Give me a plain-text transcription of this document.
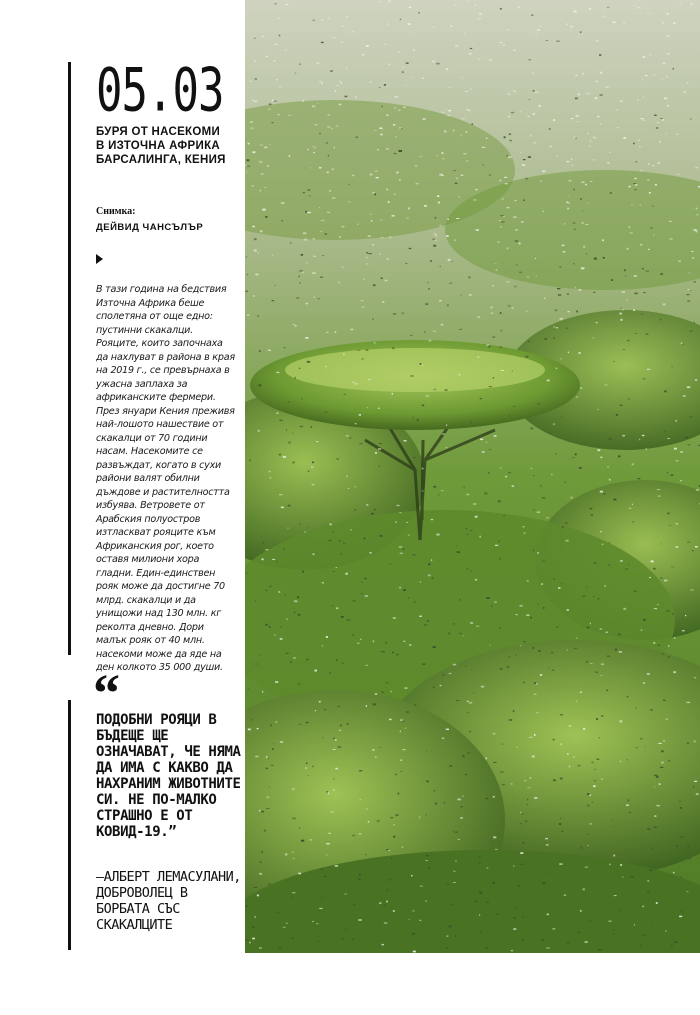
05.03
БУРЯ ОТ НАСЕКОМИ
В ИЗТОЧНА АФРИКА
БАРСАЛИНГА, КЕНИЯ
Снимка:
ДЕЙВИД ЧАНСЪЛЪР
В тази година на бедствия Източна Африка беше сполетяна от още едно: пустинни скакалци. Рояците, които започнаха да нахлуват в района в края на 2019 г., се превърнаха в ужасна заплаха за африканските фермери. През януари Кения преживя най-лошото нашествие от скакалци от 70 години насам. Насекомите се развъждат, когато в сухи райони валят обилни дъждове и растителността избуява. Ветровете от Арабския полуостров изтласкват рояците към Африканския рог, което оставя милиони хора гладни. Един-единствен рояк може да достигне 70 млрд. скакалци и да унищожи над 130 млн. кг реколта дневно. Дори малък рояк от 40 млн. насекоми може да яде на ден колкото 35 000 души.
“
ПОДОБНИ РОЯЦИ В БЪДЕЩЕ ЩЕ ОЗНАЧАВАТ, ЧЕ НЯМА ДА ИМА С КАКВО ДА НАХРАНИМ ЖИВОТНИТЕ СИ. НЕ ПО-МАЛКО СТРАШНО Е ОТ КОВИД-19.”
—АЛБЕРТ ЛЕМАСУЛАНИ, ДОБРОВОЛЕЦ В БОРБАТА СЪС СКАКАЛЦИТЕ
